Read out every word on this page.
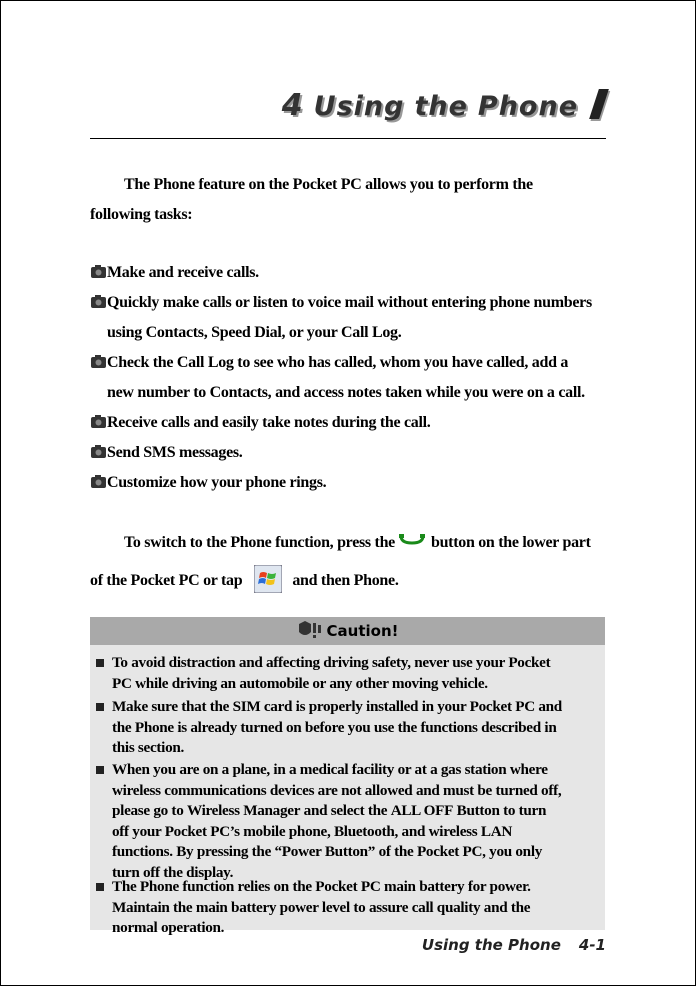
4 Using the Phone
The Phone feature on the Pocket PC allows you to perform the
following tasks:
Make and receive calls.
Quickly make calls or listen to voice mail without entering phone numbers
using Contacts, Speed Dial, or your Call Log.
Check the Call Log to see who has called, whom you have called, add a
new number to Contacts, and access notes taken while you were on a call.
Receive calls and easily take notes during the call.
Send SMS messages.
Customize how your phone rings.
To switch to the Phone function, press the button on the lower part
of the Pocket PC or tap	and then Phone.
Caution!
To avoid distraction and affecting driving safety, never use your Pocket
PC while driving an automobile or any other moving vehicle.
Make sure that the SIM card is properly installed in your Pocket PC and
the Phone is already turned on before you use the functions described in
this section.
When you are on a plane, in a medical facility or at a gas station where
wireless communications devices are not allowed and must be turned off,
please go to Wireless Manager and select the ALL OFF Button to turn
off your Pocket PC’s mobile phone, Bluetooth, and wireless LAN
functions. By pressing the “Power Button” of the Pocket PC, you only
turn off the display.
The Phone function relies on the Pocket PC main battery for power.
Maintain the main battery power level to assure call quality and the
normal operation.
Using the Phone 4-1
